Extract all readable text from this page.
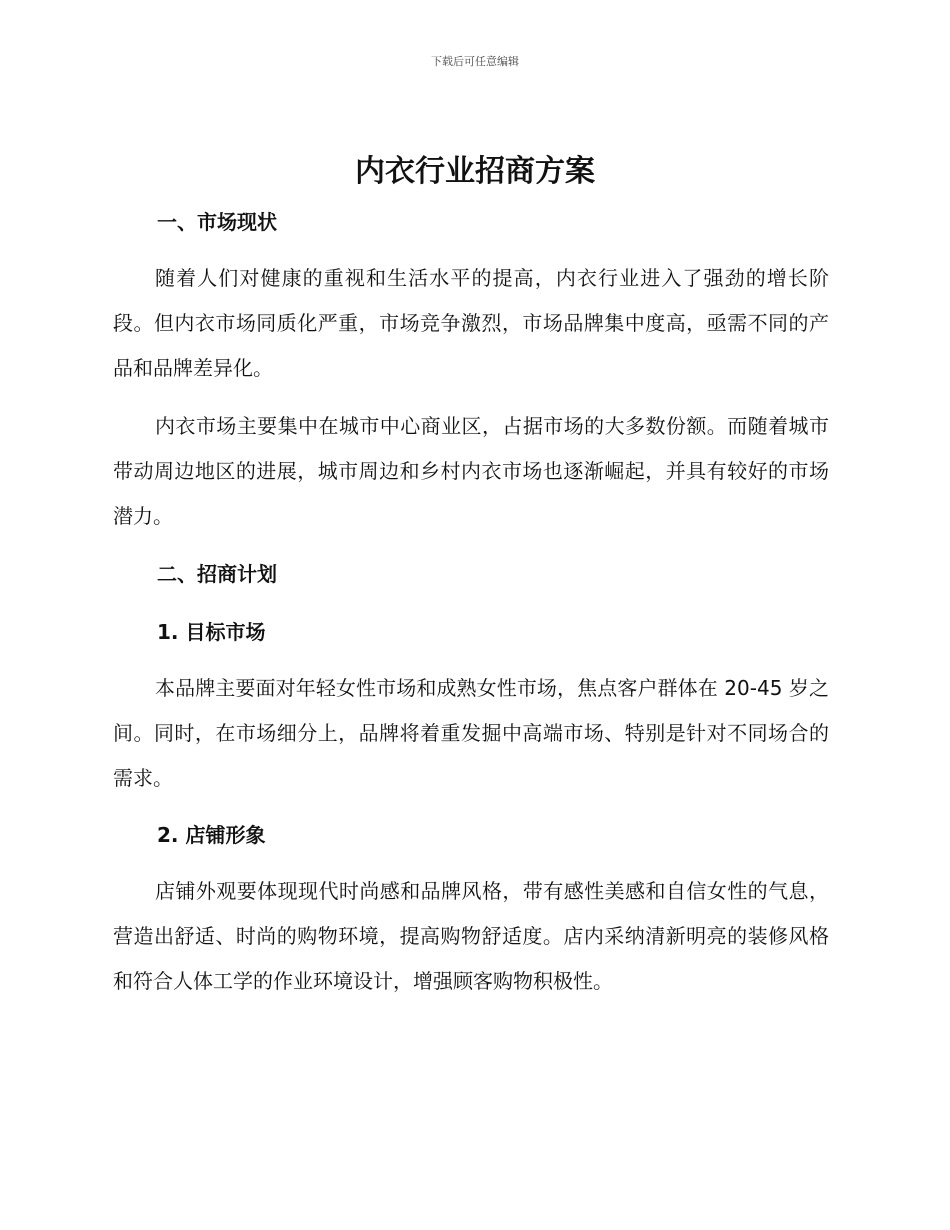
下载后可任意编辑
内衣行业招商方案
一、市场现状

随着人们对健康的重视和生活水平的提高，内衣行业进入了强劲的增长阶段。但内衣市场同质化严重，市场竞争激烈，市场品牌集中度高，亟需不同的产品和品牌差异化。

内衣市场主要集中在城市中心商业区，占据市场的大多数份额。而随着城市带动周边地区的进展，城市周边和乡村内衣市场也逐渐崛起，并具有较好的市场潜力。

二、招商计划
1. 目标市场

本品牌主要面对年轻女性市场和成熟女性市场，焦点客户群体在 20-45 岁之间。同时，在市场细分上，品牌将着重发掘中高端市场、特别是针对不同场合的需求。

2. 店铺形象

店铺外观要体现现代时尚感和品牌风格，带有感性美感和自信女性的气息，营造出舒适、时尚的购物环境，提高购物舒适度。店内采纳清新明亮的装修风格和符合人体工学的作业环境设计，增强顾客购物积极性。
